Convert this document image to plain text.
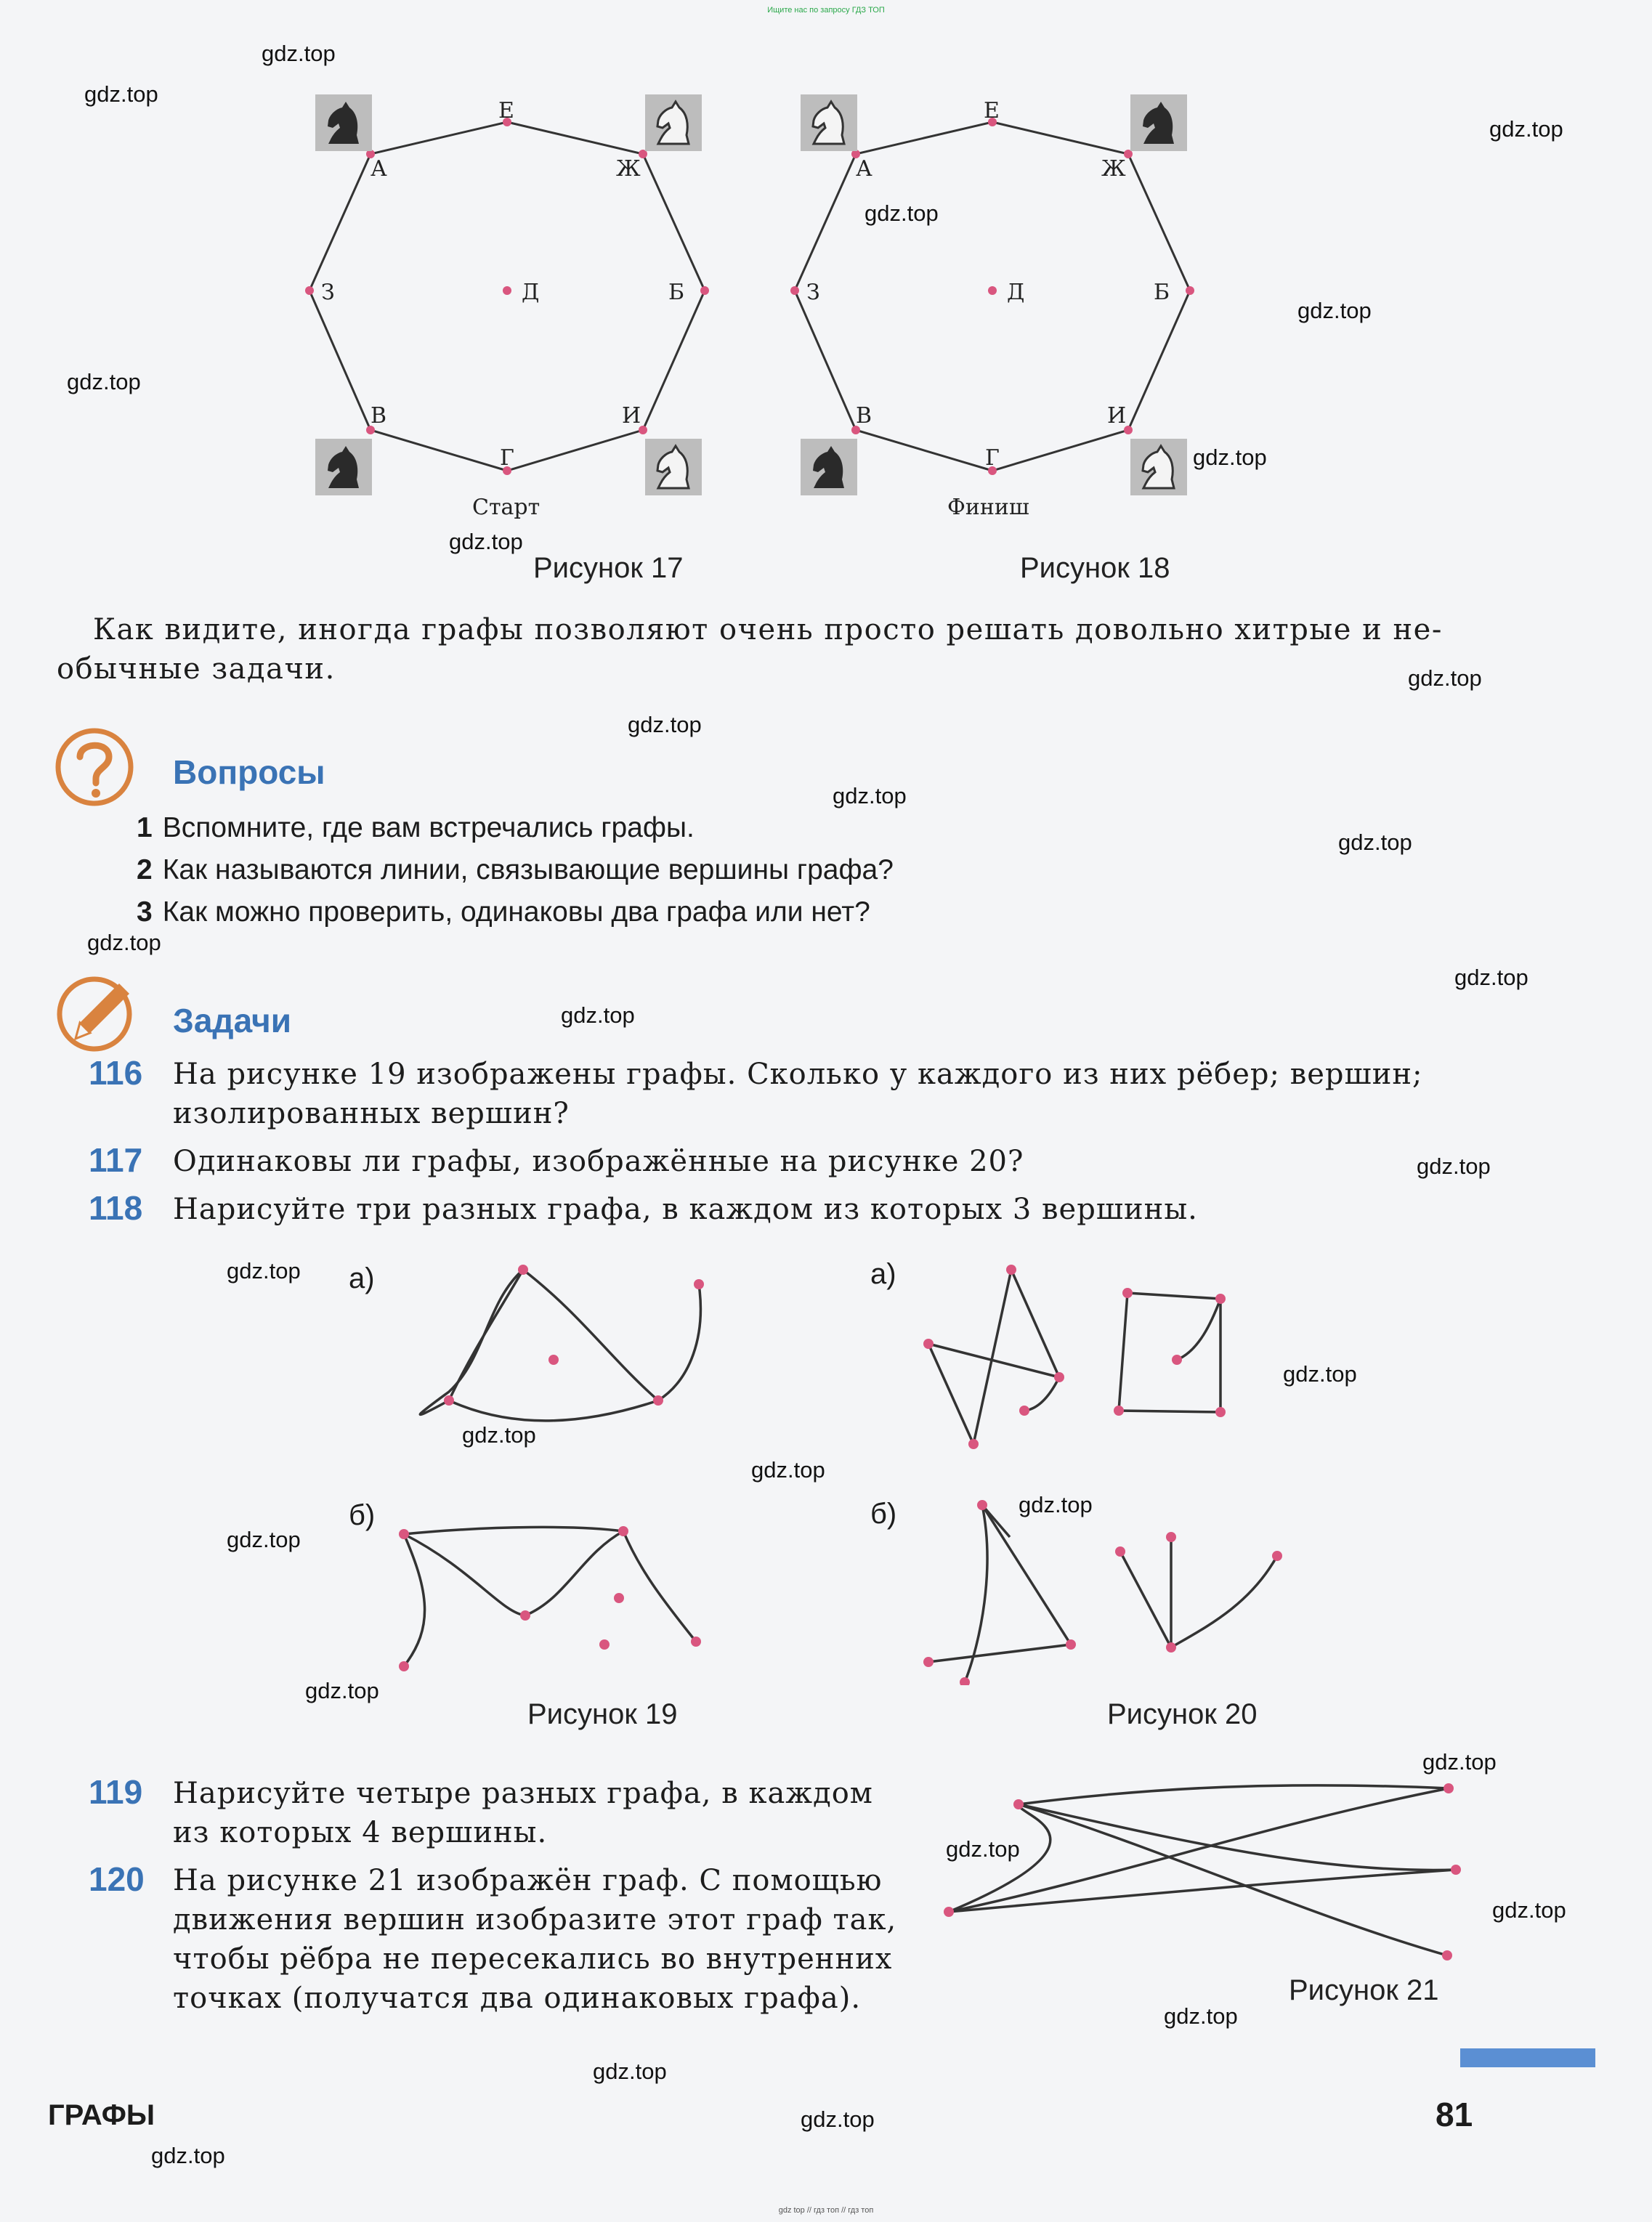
Ищите нас по запросу ГДЗ ТОП
gdz top // гдз топ // гдз топ
gdz.top
gdz.top
gdz.top
gdz.top
gdz.top
gdz.top
gdz.top
gdz.top
gdz.top
gdz.top
gdz.top
gdz.top
gdz.top
gdz.top
gdz.top
gdz.top
gdz.top
gdz.top
gdz.top
gdz.top
gdz.top
gdz.top
gdz.top
gdz.top
gdz.top
gdz.top
gdz.top
gdz.top
gdz.top
gdz.top
Е
Ж
Б
И
Г
В
З
А
Д
Старт
Рисунок 17
Е
Ж
Б
И
Г
В
З
А
Д
Финиш
Рисунок 18
Как видите, иногда графы позволяют очень просто решать довольно хитрые и не-
обычные задачи.
Вопросы
1 Вспомните, где вам встречались графы.
2 Как называются линии, связывающие вершины графа?
3 Как можно проверить, одинаковы два графа или нет?
Задачи
116 На рисунке 19 изображены графы. Сколько у каждого из них рёбер; вершин;
изолированных вершин?
117 Одинаковы ли графы, изображённые на рисунке 20?
118 Нарисуйте три разных графа, в каждом из которых 3 вершины.
а)
б)
Рисунок 19
а)
б)
Рисунок 20
119 Нарисуйте четыре разных графа, в каждом
из которых 4 вершины.
120 На рисунке 21 изображён граф. С помощью
движения вершин изобразите этот граф так,
чтобы рёбра не пересекались во внутренних
точках (получатся два одинаковых графа).	Рисунок 21
ГРАФЫ	81
